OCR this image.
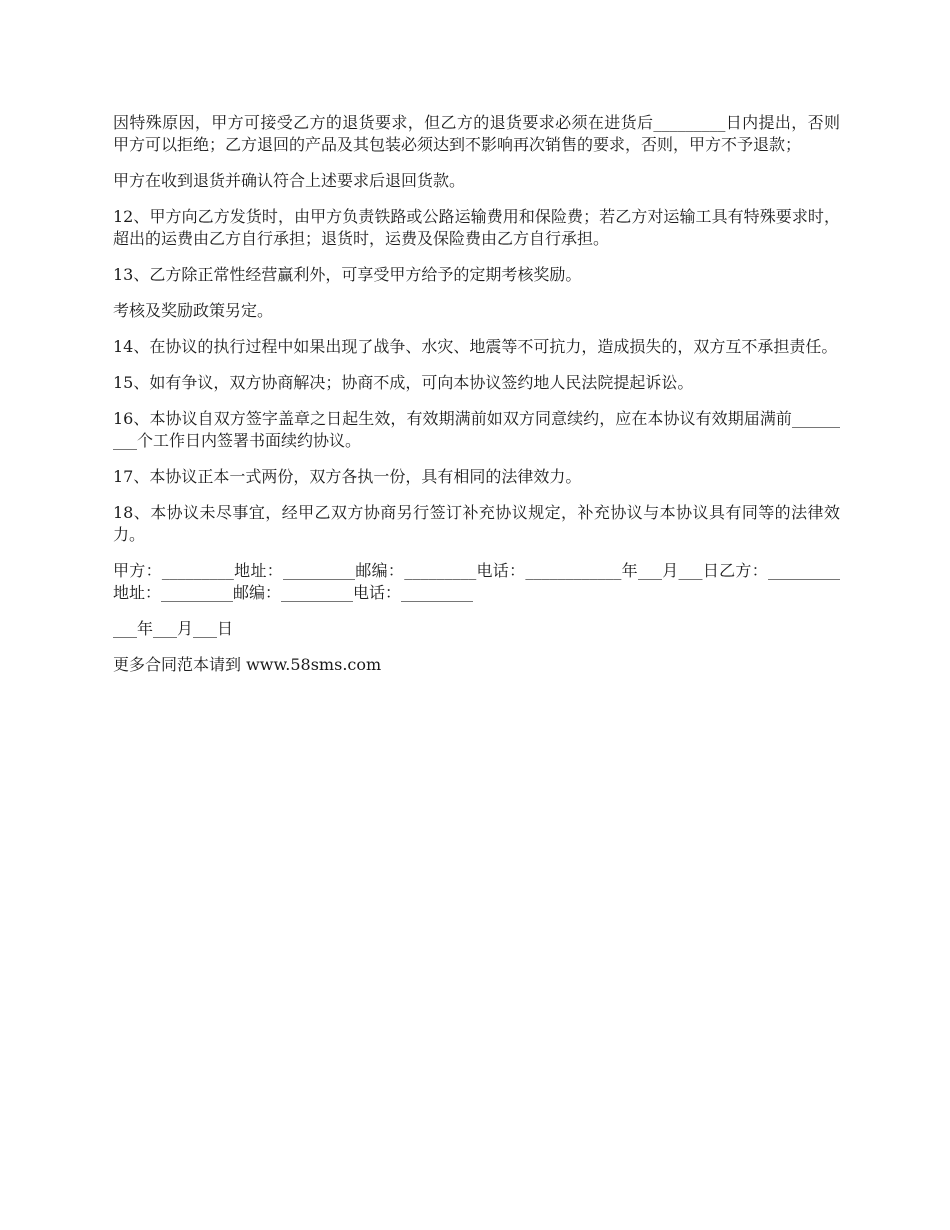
因特殊原因，甲方可接受乙方的退货要求，但乙方的退货要求必须在进货后_________日内提出，否则甲方可以拒绝；乙方退回的产品及其包装必须达到不影响再次销售的要求，否则，甲方不予退款；

甲方在收到退货并确认符合上述要求后退回货款。

12、甲方向乙方发货时，由甲方负责铁路或公路运输费用和保险费；若乙方对运输工具有特殊要求时，超出的运费由乙方自行承担；退货时，运费及保险费由乙方自行承担。

13、乙方除正常性经营赢利外，可享受甲方给予的定期考核奖励。

考核及奖励政策另定。

14、在协议的执行过程中如果出现了战争、水灾、地震等不可抗力，造成损失的，双方互不承担责任。

15、如有争议，双方协商解决；协商不成，可向本协议签约地人民法院提起诉讼。

16、本协议自双方签字盖章之日起生效，有效期满前如双方同意续约，应在本协议有效期届满前_________个工作日内签署书面续约协议。

17、本协议正本一式两份，双方各执一份，具有相同的法律效力。

18、本协议未尽事宜，经甲乙双方协商另行签订补充协议规定，补充协议与本协议具有同等的法律效力。

甲方：_________地址：_________邮编：_________电话：____________年___月___日乙方：_________地址：_________邮编：_________电话：_________

___年___月___日

更多合同范本请到 www.58sms.com
